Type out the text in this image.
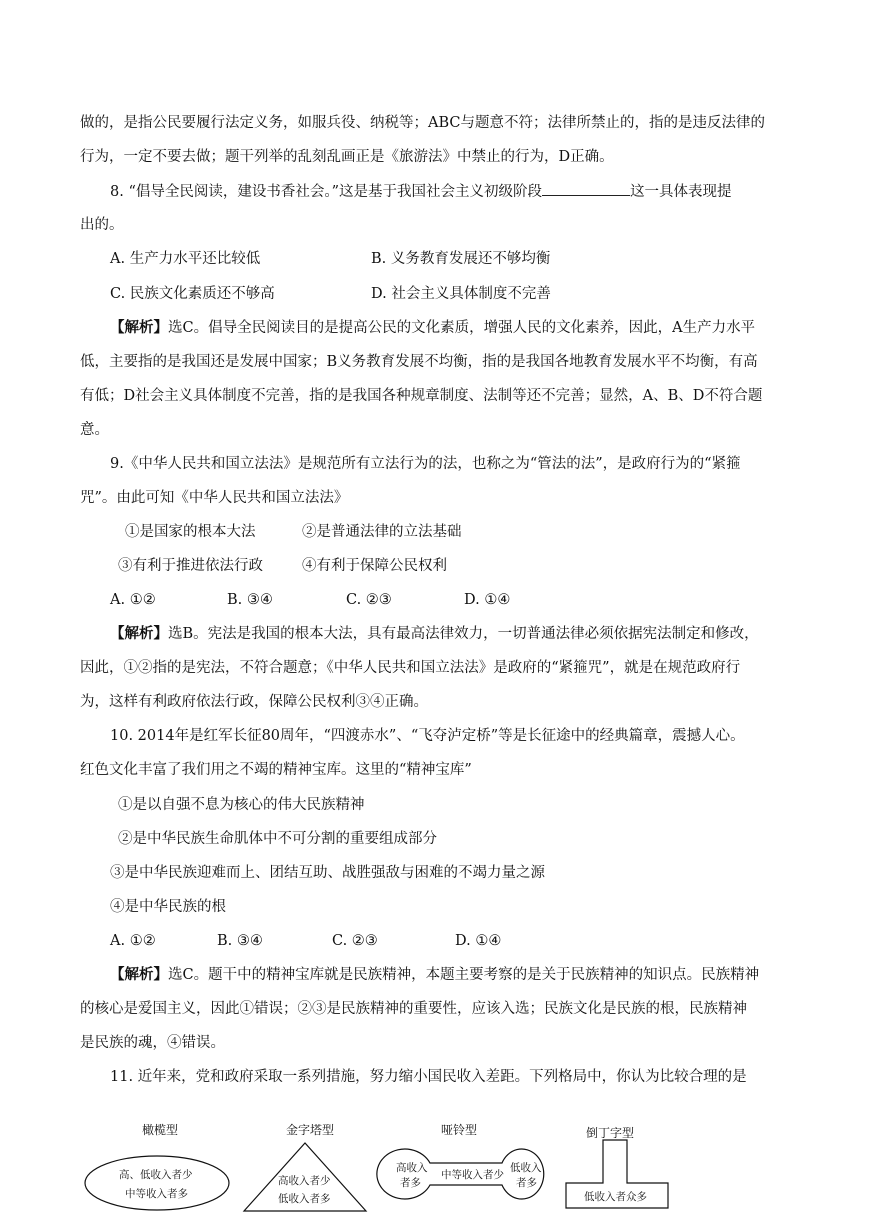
做的，是指公民要履行法定义务，如服兵役、纳税等；ABC与题意不符；法律所禁止的，指的是违反法律的
行为，一定不要去做；题干列举的乱刻乱画正是《旅游法》中禁止的行为，D正确。
8. “倡导全民阅读，建设书香社会。”这是基于我国社会主义初级阶段	这一具体表现提
出的。
A. 生产力水平还比较低	B. 义务教育发展还不够均衡
C. 民族文化素质还不够高	D. 社会主义具体制度不完善
【解析】选C。倡导全民阅读目的是提高公民的文化素质，增强人民的文化素养，因此，A生产力水平
低，主要指的是我国还是发展中国家；B义务教育发展不均衡，指的是我国各地教育发展水平不均衡，有高
有低；D社会主义具体制度不完善，指的是我国各种规章制度、法制等还不完善；显然，A、B、D不符合题
意。
9.《中华人民共和国立法法》是规范所有立法行为的法，也称之为“管法的法”，是政府行为的“紧箍
咒”。由此可知《中华人民共和国立法法》
①是国家的根本大法	②是普通法律的立法基础
③有利于推进依法行政	④有利于保障公民权利
A. ①②	B. ③④	C. ②③	D. ①④
【解析】选B。宪法是我国的根本大法，具有最高法律效力，一切普通法律必须依据宪法制定和修改，
因此，①②指的是宪法，不符合题意；《中华人民共和国立法法》是政府的“紧箍咒”，就是在规范政府行
为，这样有利政府依法行政，保障公民权利③④正确。
10. 2014年是红军长征80周年，“四渡赤水”、“飞夺泸定桥”等是长征途中的经典篇章，震撼人心。
红色文化丰富了我们用之不竭的精神宝库。这里的“精神宝库”
①是以自强不息为核心的伟大民族精神
②是中华民族生命肌体中不可分割的重要组成部分
③是中华民族迎难而上、团结互助、战胜强敌与困难的不竭力量之源
④是中华民族的根
A. ①②	B. ③④	C. ②③	D. ①④
【解析】选C。题干中的精神宝库就是民族精神，本题主要考察的是关于民族精神的知识点。民族精神
的核心是爱国主义，因此①错误；②③是民族精神的重要性，应该入选；民族文化是民族的根，民族精神
是民族的魂，④错误。
11. 近年来，党和政府采取一系列措施，努力缩小国民收入差距。下列格局中，你认为比较合理的是
橄榄型	金字塔型	哑铃型	倒丁字型
高、低收入者少
中等收入者多
高收入者少
低收入者多
高收入
者多
中等收入者少
低收入
者多
低收入者众多
